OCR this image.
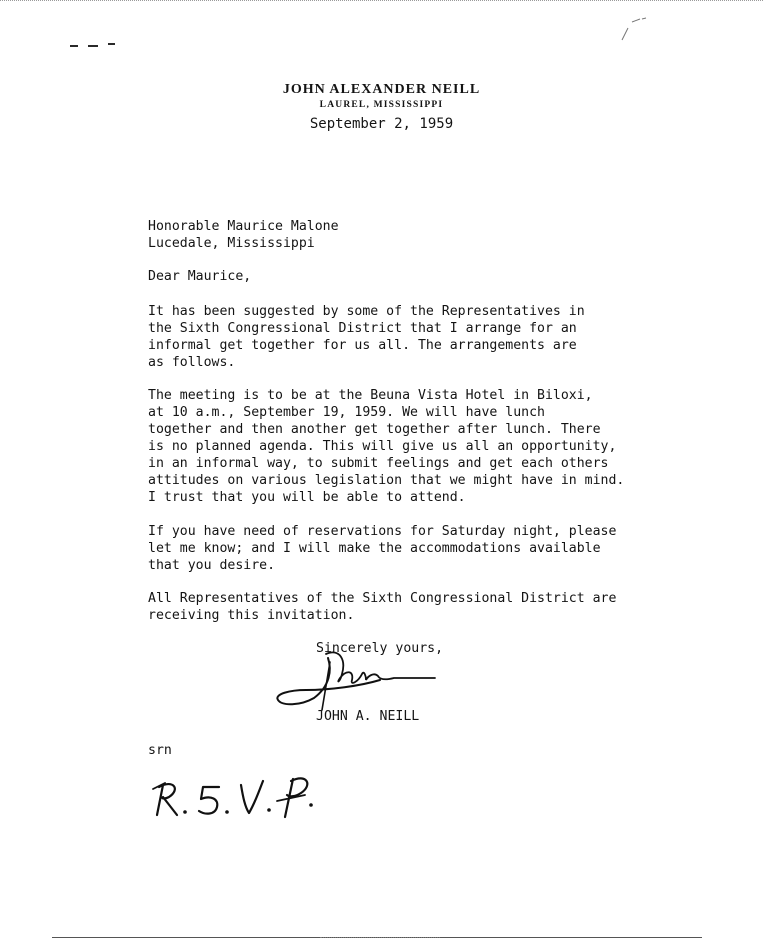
JOHN ALEXANDER NEILL
LAUREL, MISSISSIPPI
September 2, 1959
Honorable Maurice Malone
Lucedale, Mississippi
Dear Maurice,
It has been suggested by some of the Representatives in
the Sixth Congressional District that I arrange for an
informal get together for us all. The arrangements are
as follows.
The meeting is to be at the Beuna Vista Hotel in Biloxi,
at 10 a.m., September 19, 1959. We will have lunch
together and then another get together after lunch. There
is no planned agenda. This will give us all an opportunity,
in an informal way, to submit feelings and get each others
attitudes on various legislation that we might have in mind.
I trust that you will be able to attend.
If you have need of reservations for Saturday night, please
let me know; and I will make the accommodations available
that you desire.
All Representatives of the Sixth Congressional District are
receiving this invitation.
Sincerely yours,
JOHN A. NEILL
srn
